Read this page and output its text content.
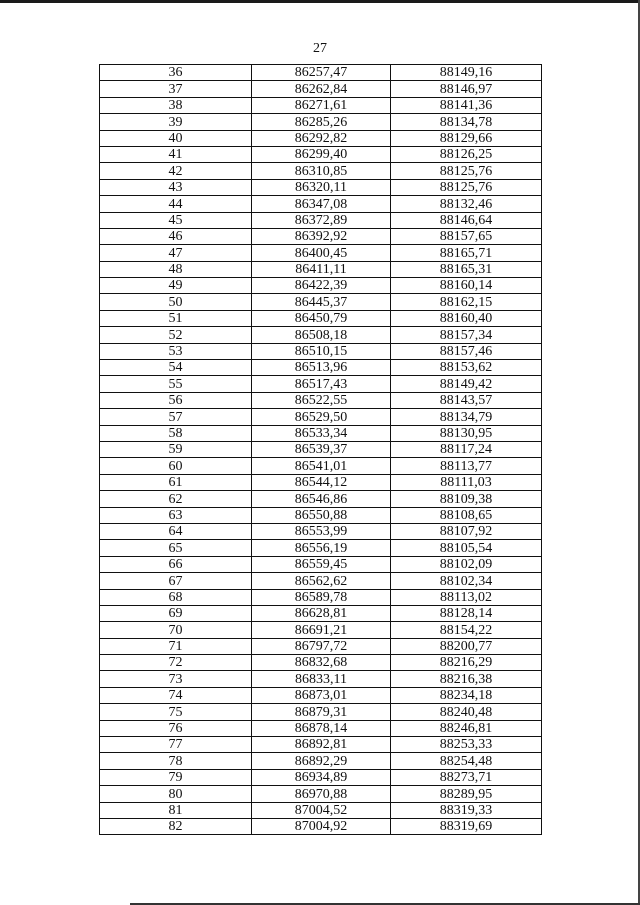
27
36	86257,47	88149,16
37	86262,84	88146,97
38	86271,61	88141,36
39	86285,26	88134,78
40	86292,82	88129,66
41	86299,40	88126,25
42	86310,85	88125,76
43	86320,11	88125,76
44	86347,08	88132,46
45	86372,89	88146,64
46	86392,92	88157,65
47	86400,45	88165,71
48	86411,11	88165,31
49	86422,39	88160,14
50	86445,37	88162,15
51	86450,79	88160,40
52	86508,18	88157,34
53	86510,15	88157,46
54	86513,96	88153,62
55	86517,43	88149,42
56	86522,55	88143,57
57	86529,50	88134,79
58	86533,34	88130,95
59	86539,37	88117,24
60	86541,01	88113,77
61	86544,12	88111,03
62	86546,86	88109,38
63	86550,88	88108,65
64	86553,99	88107,92
65	86556,19	88105,54
66	86559,45	88102,09
67	86562,62	88102,34
68	86589,78	88113,02
69	86628,81	88128,14
70	86691,21	88154,22
71	86797,72	88200,77
72	86832,68	88216,29
73	86833,11	88216,38
74	86873,01	88234,18
75	86879,31	88240,48
76	86878,14	88246,81
77	86892,81	88253,33
78	86892,29	88254,48
79	86934,89	88273,71
80	86970,88	88289,95
81	87004,52	88319,33
82	87004,92	88319,69
